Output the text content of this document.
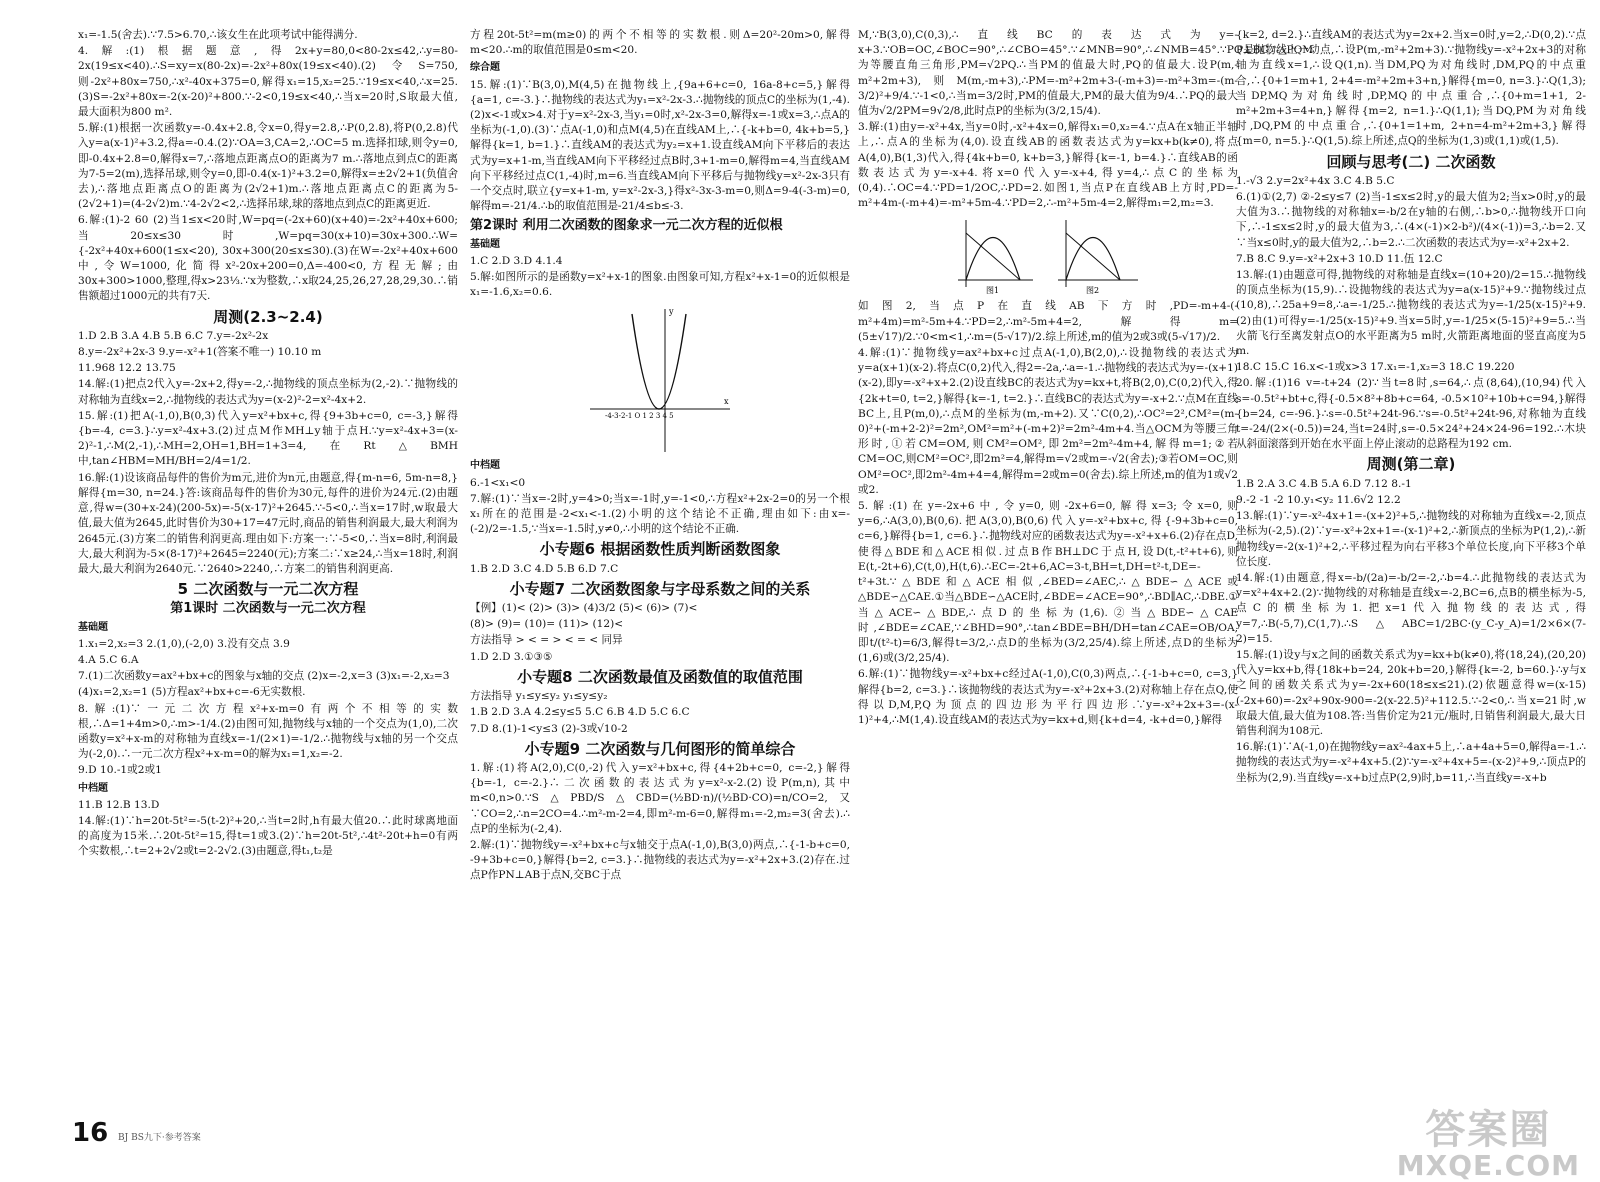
x₁=-1.5(舍去).∵7.5>6.70,∴该女生在此项考试中能得满分.

4.解:(1)根据题意,得2x+y=80,0<80-2x≤42,∴y=80-2x(19≤x<40).∴S=xy=x(80-2x)=-2x²+80x(19≤x<40).(2)令S=750,则-2x²+80x=750,∴x²-40x+375=0,解得x₁=15,x₂=25.∵19≤x<40,∴x=25.(3)S=-2x²+80x=-2(x-20)²+800.∵-2<0,19≤x<40,∴当x=20时,S取最大值,最大面积为800 m².

5.解:(1)根据一次函数y=-0.4x+2.8,令x=0,得y=2.8,∴P(0,2.8),将P(0,2.8)代入y=a(x-1)²+3.2,得a=-0.4.(2)∵OA=3,CA=2,∴OC=5 m.选择扣球,则令y=0,即-0.4x+2.8=0,解得x=7,∴落地点距离点O的距离为7 m.∴落地点到点C的距离为7-5=2(m),选择吊球,则令y=0,即-0.4(x-1)²+3.2=0,解得x=±2√2+1(负值舍去),∴落地点距离点O的距离为(2√2+1)m.∴落地点距离点C的距离为5-(2√2+1)=(4-2√2)m.∵4-2√2<2,∴选择吊球,球的落地点到点C的距离更近.

6.解:(1)-2 60 (2)当1≤x<20时,W=pq=(-2x+60)(x+40)=-2x²+40x+600;当20≤x≤30时,W=pq=30(x+10)=30x+300.∴W={-2x²+40x+600(1≤x<20), 30x+300(20≤x≤30).(3)在W=-2x²+40x+600中,令W=1000,化简得x²-20x+200=0,Δ=-400<0,方程无解;由30x+300>1000,整理,得x>23⅓.∵x为整数,∴x取24,25,26,27,28,29,30.∴销售额超过1000元的共有7天.

周测(2.3~2.4)

1.D 2.B 3.A 4.B 5.B 6.C 7.y=-2x²-2x

8.y=-2x²+2x-3 9.y=-x²+1(答案不唯一) 10.10 m

11.968 12.2 13.75

14.解:(1)把点2代入y=-2x+2,得y=-2,∴抛物线的顶点坐标为(2,-2).∵抛物线的对称轴为直线x=2,∴抛物线的表达式为y=(x-2)²-2=x²-4x+2.

15.解:(1)把A(-1,0),B(0,3)代入y=x²+bx+c,得{9+3b+c=0, c=-3,}解得{b=-4, c=3.}∴y=x²-4x+3.(2)过点M作MH⊥y轴于点H.∵y=x²-4x+3=(x-2)²-1,∴M(2,-1),∴MH=2,OH=1,BH=1+3=4,在Rt△BMH中,tan∠HBM=MH/BH=2/4=1/2.

16.解:(1)设该商品每件的售价为m元,进价为n元,由题意,得{m-n=6, 5m-n=8,}解得{m=30, n=24.}答:该商品每件的售价为30元,每件的进价为24元.(2)由题意,得w=(30+x-24)(200-5x)=-5(x-17)²+2645.∵-5<0,∴当x=17时,w取最大值,最大值为2645,此时售价为30+17=47元时,商品的销售利润最大,最大利润为2645元.(3)方案二的销售利润更高.理由如下:方案一:∵-5<0,∴当x=8时,利润最大,最大利润为-5×(8-17)²+2645=2240(元);方案二:∵x≥24,∴当x=18时,利润最大,最大利润为2640元.∵2640>2240,∴方案二的销售利润更高.

5 二次函数与一元二次方程
第1课时 二次函数与一元二次方程
基础题

1.x₁=2,x₂=3 2.(1,0),(-2,0) 3.没有交点 3.9

4.A 5.C 6.A

7.(1)二次函数y=ax²+bx+c的图象与x轴的交点 (2)x=-2,x=3 (3)x₁=-2,x₂=3

(4)x₁=2,x₂=1 (5)方程ax²+bx+c=-6无实数根.

8.解:(1)∵一元二次方程x²+x-m=0有两个不相等的实数根,∴Δ=1+4m>0,∴m>-1/4.(2)由图可知,抛物线与x轴的一个交点为(1,0),二次函数y=x²+x-m的对称轴为直线x=-1/(2×1)=-1/2.∴抛物线与x轴的另一个交点为(-2,0).∴一元二次方程x²+x-m=0的解为x₁=1,x₂=-2.

9.D 10.-1或2或1

中档题

11.B 12.B 13.D

14.解:(1)∵h=20t-5t²=-5(t-2)²+20,∴当t=2时,h有最大值20.∴此时球离地面的高度为15米.∴20t-5t²=15,得t=1或3.(2)∵h=20t-5t²,∴4t²-20t+h=0有两个实数根,∴t=2+2√2或t=2-2√2.(3)由题意,得t₁,t₂是

方程20t-5t²=m(m≥0)的两个不相等的实数根.则Δ=20²-20m>0,解得m<20.∴m的取值范围是0≤m<20.

综合题

15.解:(1)∵B(3,0),M(4,5)在抛物线上,{9a+6+c=0, 16a-8+c=5,}解得{a=1, c=-3.}∴抛物线的表达式为y₁=x²-2x-3.∴抛物线的顶点C的坐标为(1,-4).(2)x<-1或x>4.对于y=x²-2x-3,当y₁=0时,x²-2x-3=0,解得x=-1或x=3,∴点A的坐标为(-1,0).(3)∵点A(-1,0)和点M(4,5)在直线AM上,∴{-k+b=0, 4k+b=5,}解得{k=1, b=1.}∴直线AM的表达式为y₂=x+1.设直线AM向下平移后的表达式为y=x+1-m,当直线AM向下平移经过点B时,3+1-m=0,解得m=4,当直线AM向下平移经过点C(1,-4)时,m=6.当直线AM向下平移后与抛物线y=x²-2x-3只有一个交点时,联立{y=x+1-m, y=x²-2x-3,}得x²-3x-3-m=0,则Δ=9-4(-3-m)=0,解得m=-21/4.∴b的取值范围是-21/4≤b≤-3.

第2课时 利用二次函数的图象求一元二次方程的近似根
基础题

1.C 2.D 3.D 4.1.4

5.解:如图所示的是函数y=x²+x-1的图象.由图象可知,方程x²+x-1=0的近似根是x₁=-1.6,x₂=0.6.

x
y
-4-3-2-1 O 1 2 3 4 5
中档题

6.-1<x₁<0

7.解:(1)∵当x=-2时,y=4>0;当x=-1时,y=-1<0,∴方程x²+2x-2=0的另一个根x₁所在的范围是-2<x₁<-1.(2)小明的这个结论不正确,理由如下:由x=-(-2)/2=-1.5,∵当x=-1.5时,y≠0,∴小明的这个结论不正确.

小专题6 根据函数性质判断函数图象

1.B 2.D 3.C 4.D 5.B 6.D 7.C

小专题7 二次函数图象与字母系数之间的关系

【例】(1)< (2)> (3)> (4)3/2 (5)< (6)> (7)<

(8)> (9)= (10)= (11)> (12)<

方法指导 > < = > < = < 同异

1.D 2.D 3.①③⑤

小专题8 二次函数最值及函数值的取值范围

方法指导 y₁≤y≤y₂ y₁≤y≤y₂

1.B 2.D 3.A 4.2≤y≤5 5.C 6.B 4.D 5.C 6.C

7.D 8.(1)-1<y≤3 (2)-3或√10-2

小专题9 二次函数与几何图形的简单综合

1.解:(1)将A(2,0),C(0,-2)代入y=x²+bx+c,得{4+2b+c=0, c=-2,}解得{b=-1, c=-2.}∴二次函数的表达式为y=x²-x-2.(2)设P(m,n),其中m<0,n>0.∵S△PBD/S△CBD=(½BD·n)/(½BD·CO)=n/CO=2,又∵CO=2,∴n=2CO=4.∴m²-m-2=4,即m²-m-6=0,解得m₁=-2,m₂=3(舍去).∴点P的坐标为(-2,4).

2.解:(1)∵抛物线y=-x²+bx+c与x轴交于点A(-1,0),B(3,0)两点,∴{-1-b+c=0, -9+3b+c=0,}解得{b=2, c=3.}∴抛物线的表达式为y=-x²+2x+3.(2)存在.过点P作PN⊥AB于点N,交BC于点

M,∵B(3,0),C(0,3),∴直线BC的表达式为y=-x+3.∵OB=OC,∠BOC=90°,∴∠CBO=45°.∵∠MNB=90°,∴∠NMB=45°.∵PQ⊥BC,∴△PQM为等腰直角三角形,PM=√2PQ.∴当PM的值最大时,PQ的值最大.设P(m,-m²+2m+3),则M(m,-m+3),∴PM=-m²+2m+3-(-m+3)=-m²+3m=-(m-3/2)²+9/4.∵-1<0,∴当m=3/2时,PM的值最大,PM的最大值为9/4.∴PQ的最大值为√2/2PM=9√2/8,此时点P的坐标为(3/2,15/4).

3.解:(1)由y=-x²+4x,当y=0时,-x²+4x=0,解得x₁=0,x₂=4.∵点A在x轴正半轴上,∴点A的坐标为(4,0).设直线AB的函数表达式为y=kx+b(k≠0),将点A(4,0),B(1,3)代入,得{4k+b=0, k+b=3,}解得{k=-1, b=4.}∴直线AB的函数表达式为y=-x+4.将x=0代入y=-x+4,得y=4,∴点C的坐标为(0,4).∴OC=4.∵PD=1/2OC,∴PD=2.如图1,当点P在直线AB上方时,PD=-m²+4m-(-m+4)=-m²+5m-4.∵PD=2,∴-m²+5m-4=2,解得m₁=2,m₂=3.

图1	图2

如图2,当点P在直线AB下方时,PD=-m+4-(-m²+4m)=m²-5m+4.∵PD=2,∴m²-5m+4=2,解得m=(5±√17)/2.∵0<m<1,∴m=(5-√17)/2.综上所述,m的值为2或3或(5-√17)/2.

4.解:(1)∵抛物线y=ax²+bx+c过点A(-1,0),B(2,0),∴设抛物线的表达式为y=a(x+1)(x-2).将点C(0,2)代入,得2=-2a,∴a=-1.∴抛物线的表达式为y=-(x+1)(x-2),即y=-x²+x+2.(2)设直线BC的表达式为y=kx+t,将B(2,0),C(0,2)代入,得{2k+t=0, t=2,}解得{k=-1, t=2.}∴直线BC的表达式为y=-x+2.∵点M在直线BC上,且P(m,0),∴点M的坐标为(m,-m+2).又∵C(0,2),∴OC²=2²,CM²=(m-0)²+(-m+2-2)²=2m²,OM²=m²+(-m+2)²=2m²-4m+4.当△OCM为等腰三角形时,①若CM=OM,则CM²=OM²,即2m²=2m²-4m+4,解得m=1;②若CM=OC,则CM²=OC²,即2m²=4,解得m=√2或m=-√2(舍去);③若OM=OC,则OM²=OC²,即2m²-4m+4=4,解得m=2或m=0(舍去).综上所述,m的值为1或√2或2.

5.解:(1)在y=-2x+6中,令y=0,则-2x+6=0,解得x=3;令x=0,则y=6,∴A(3,0),B(0,6).把A(3,0),B(0,6)代入y=-x²+bx+c,得{-9+3b+c=0, c=6,}解得{b=1, c=6.}∴抛物线对应的函数表达式为y=-x²+x+6.(2)存在点D,使得△BDE和△ACE相似.过点B作BH⊥DC于点H,设D(t,-t²+t+6),则E(t,-2t+6),C(t,0),H(t,6).∴EC=-2t+6,AC=3-t,BH=t,DH=t²-t,DE=-t²+3t.∵△BDE和△ACE相似,∠BED=∠AEC,∴△BDE∽△ACE或△BDE∽△CAE.①当△BDE∽△ACE时,∠BDE=∠ACE=90°,∴BD∥AC,∴DBE.①当△ACE∽△BDE,∴点D的坐标为(1,6).②当△BDE∽△CAE时,∠BDE=∠CAE,∵∠BHD=90°,∴tan∠BDE=BH/DH=tan∠CAE=OB/OA,即t/(t²-t)=6/3,解得t=3/2,∴点D的坐标为(3/2,25/4).综上所述,点D的坐标为(1,6)或(3/2,25/4).

6.解:(1)∵抛物线y=-x²+bx+c经过A(-1,0),C(0,3)两点,∴{-1-b+c=0, c=3,}解得{b=2, c=3.}∴该抛物线的表达式为y=-x²+2x+3.(2)对称轴上存在点Q,使得以D,M,P,Q为顶点的四边形为平行四边形.∵y=-x²+2x+3=-(x-1)²+4,∴M(1,4).设直线AM的表达式为y=kx+d,则{k+d=4, -k+d=0,}解得

{k=2, d=2.}∴直线AM的表达式为y=2x+2.当x=0时,y=2,∴D(0,2).∵点P是抛物线上一动点,∴设P(m,-m²+2m+3).∵抛物线y=-x²+2x+3的对称轴为直线x=1,∴设Q(1,n).当DM,PQ为对角线时,DM,PQ的中点重合,∴{0+1=m+1, 2+4=-m²+2m+3+n,}解得{m=0, n=3.}∴Q(1,3);当DP,MQ为对角线时,DP,MQ的中点重合,∴{0+m=1+1, 2-m²+2m+3=4+n,}解得{m=2, n=1.}∴Q(1,1);当DQ,PM为对角线时,DQ,PM的中点重合,∴{0+1=1+m, 2+n=4-m²+2m+3,}解得{m=0, n=5.}∴Q(1,5).综上所述,点Q的坐标为(1,3)或(1,1)或(1,5).

回顾与思考(二) 二次函数

1.-√3 2.y=2x²+4x 3.C 4.B 5.C

6.(1)①(2,7) ②-2≤y≤7 (2)当-1≤x≤2时,y的最大值为2;当x>0时,y的最大值为3.∴抛物线的对称轴x=-b/2在y轴的右侧,∴b>0,∴抛物线开口向下,∴-1≤x≤2时,y的最大值为3,∴(4×(-1)×2-b²)/(4×(-1))=3,∴b=2.又∵当x≤0时,y的最大值为2,∴b=2.∴二次函数的表达式为y=-x²+2x+2.

7.B 8.C 9.y=-x²+2x+3 10.D 11.伍 12.C

13.解:(1)由题意可得,抛物线的对称轴是直线x=(10+20)/2=15.∴抛物线的顶点坐标为(15,9).∴设抛物线的表达式为y=a(x-15)²+9.∵抛物线过点(10,8),∴25a+9=8,∴a=-1/25.∴抛物线的表达式为y=-1/25(x-15)²+9.(2)由(1)可得y=-1/25(x-15)²+9.当x=5时,y=-1/25×(5-15)²+9=5.∴当火箭飞行至离发射点O的水平距离为5 m时,火箭距离地面的竖直高度为5 m.

18.C 15.C 16.x<-1或x>3 17.x₁=-1,x₂=3 18.C 19.220

20.解:(1)16 v=-t+24 (2)∵当t=8时,s=64,∴点(8,64),(10,94)代入s=-0.5t²+bt+c,得{-0.5×8²+8b+c=64, -0.5×10²+10b+c=94,}解得{b=24, c=-96.}∴s=-0.5t²+24t-96.∵s=-0.5t²+24t-96,对称轴为直线t=-24/(2×(-0.5))=24,当t=24时,s=-0.5×24²+24×24-96=192.∴木块从斜面滚落到开始在水平面上停止滚动的总路程为192 cm.

周测(第二章)

1.B 2.A 3.C 4.B 5.A 6.D 7.12 8.-1

9.-2 -1 -2 10.y₁<y₂ 11.6√2 12.2

13.解:(1)∵y=-x²-4x+1=-(x+2)²+5,∴抛物线的对称轴为直线x=-2,顶点坐标为(-2,5).(2)∵y=-x²+2x+1=-(x-1)²+2,∴新顶点的坐标为P(1,2),∴新抛物线y=-2(x-1)²+2,∴平移过程为向右平移3个单位长度,向下平移3个单位长度.

14.解:(1)由题意,得x=-b/(2a)=-b/2=-2,∴b=4.∴此抛物线的表达式为y=x²+4x+2.(2)∵抛物线的对称轴是直线x=-2,BC=6,点B的横坐标为-5,点C的横坐标为1.把x=1代入抛物线的表达式,得y=7,∴B(-5,7),C(1,7).∴S△ABC=1/2BC·(y_C-y_A)=1/2×6×(7-2)=15.

15.解:(1)设y与x之间的函数关系式为y=kx+b(k≠0),将(18,24),(20,20)代入y=kx+b,得{18k+b=24, 20k+b=20,}解得{k=-2, b=60.}∴y与x之间的函数关系式为y=-2x+60(18≤x≤21).(2)依题意得w=(x-15)(-2x+60)=-2x²+90x-900=-2(x-22.5)²+112.5.∵-2<0,∴当x=21时,w取最大值,最大值为108.答:当售价定为21元/瓶时,日销售利润最大,最大日销售利润为108元.

16.解:(1)∵A(-1,0)在抛物线y=ax²-4ax+5上,∴a+4a+5=0,解得a=-1.∴抛物线的表达式为y=-x²+4x+5.(2)∵y=-x²+4x+5=-(x-2)²+9,∴顶点P的坐标为(2,9).当直线y=-x+b过点P(2,9)时,b=11,∴当直线y=-x+b

16 BJ BS九下·参考答案	答案圈
MXQE.COM
